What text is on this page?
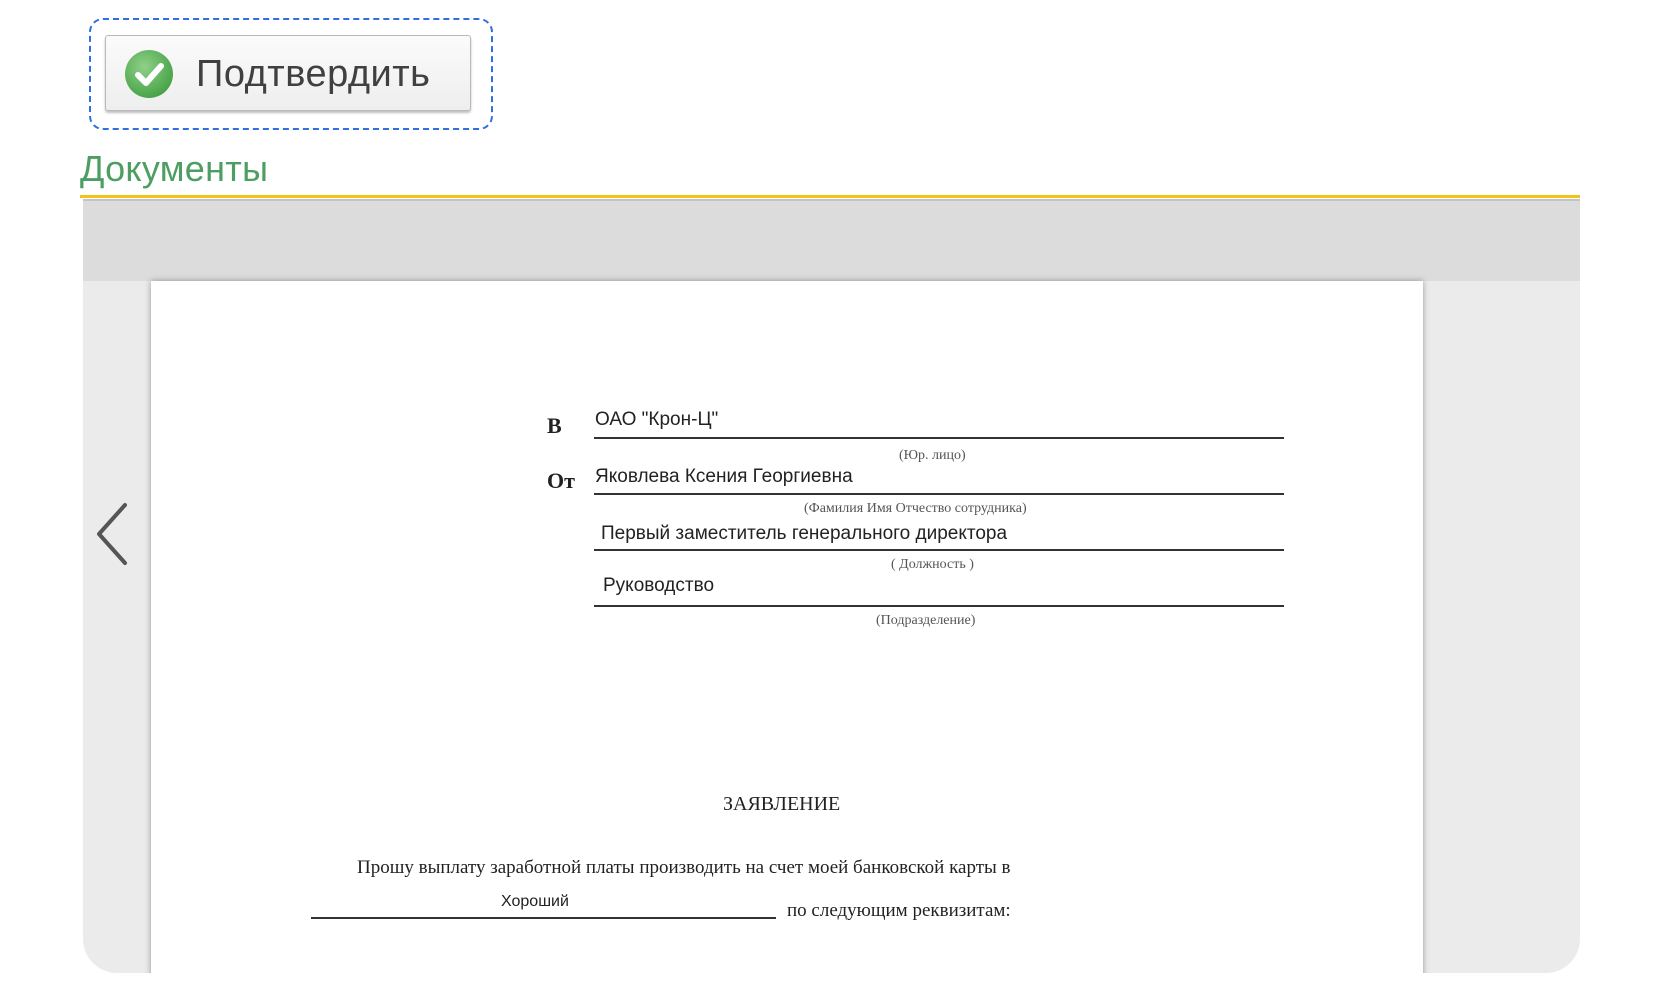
Подтвердить
Документы
В ОАО "Крон-Ц"
(Юр. лицо)
От Яковлева Ксения Георгиевна
(Фамилия Имя Отчество сотрудника)
Первый заместитель генерального директора
( Должность )
Руководство
(Подразделение)
ЗАЯВЛЕНИЕ
Прошу выплату заработной платы производить на счет моей банковской карты в
Хороший	по следующим реквизитам:
